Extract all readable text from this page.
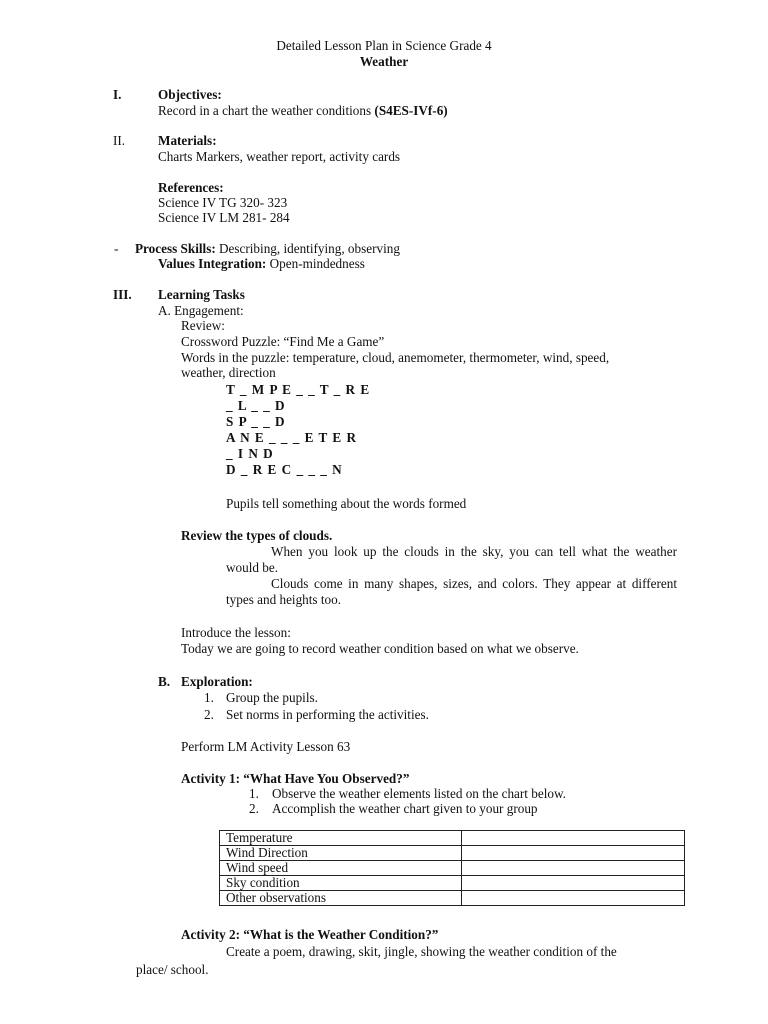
Detailed Lesson Plan in Science Grade 4
Weather
I.	Objectives:
Record in a chart the weather conditions (S4ES-IVf-6)
II. Materials:
Charts Markers, weather report, activity cards
References:
Science IV TG 320- 323
Science IV LM 281- 284
- Process Skills: Describing, identifying, observing
Values Integration: Open-mindedness
III. Learning Tasks
A. Engagement:
Review:
Crossword Puzzle: “Find Me a Game”
Words in the puzzle: temperature, cloud, anemometer, thermometer, wind, speed,
weather, direction
T _ M P E _ _ T _ R E
_ L _ _ D
S P _ _ D
A N E _ _ _ E T E R
_ I N D
D _ R E C _ _ _ N
Pupils tell something about the words formed
Review the types of clouds.
When you look up the clouds in the sky, you can tell what the weather would be.
Clouds come in many shapes, sizes, and colors. They appear at different types and heights too.
Introduce the lesson:
Today we are going to record weather condition based on what we observe.
B. Exploration:
1. Group the pupils.
2. Set norms in performing the activities.
Perform LM Activity Lesson 63
Activity 1: “What Have You Observed?”
1. Observe the weather elements listed on the chart below.
2. Accomplish the weather chart given to your group
Temperature	
Wind Direction	
Wind speed	
Sky condition	
Other observations	
Activity 2: “What is the Weather Condition?”
Create a poem, drawing, skit, jingle, showing the weather condition of the
place/ school.
